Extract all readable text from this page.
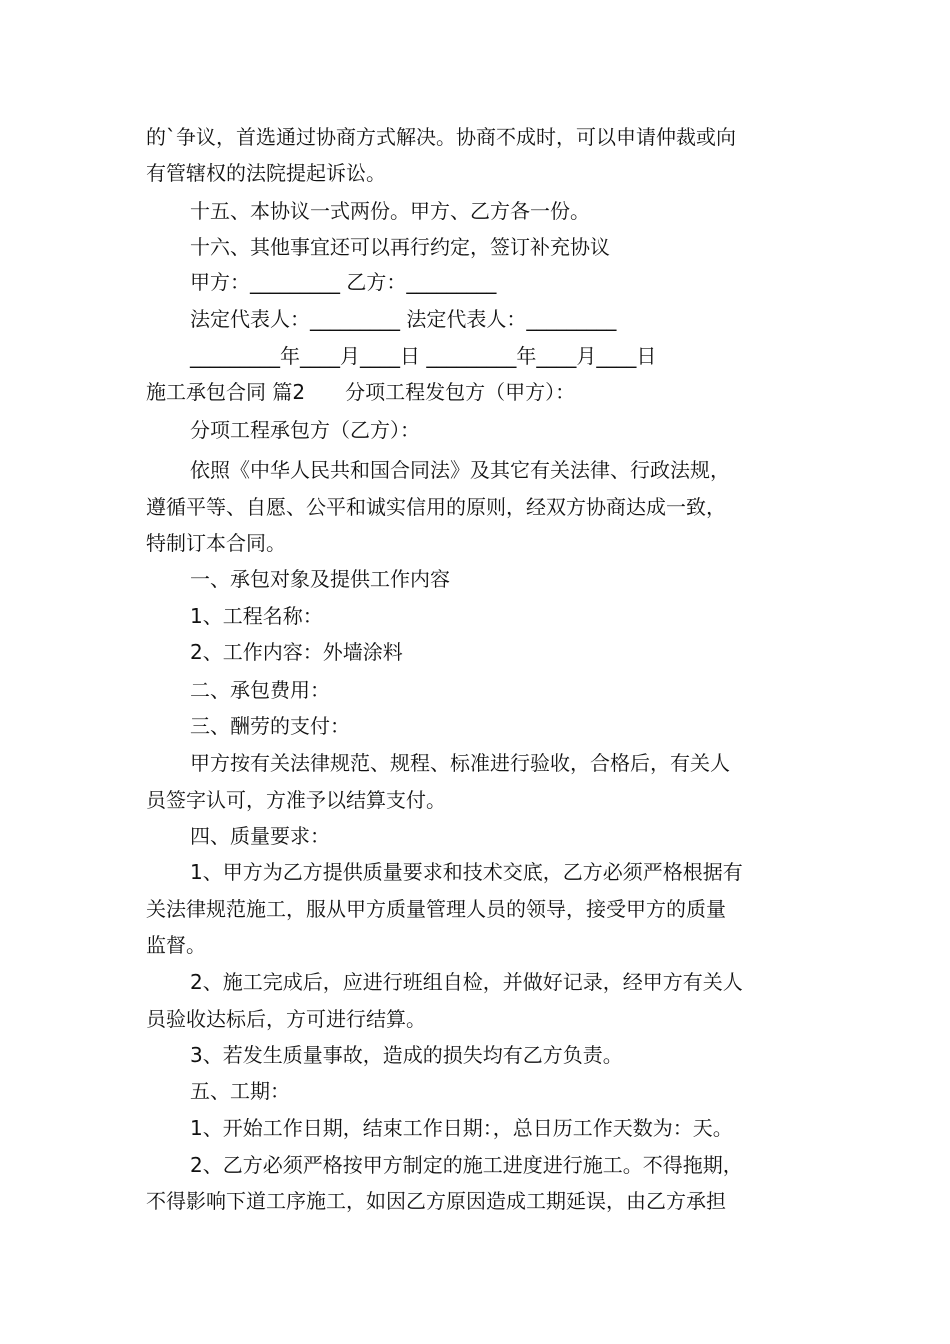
的`争议，首选通过协商方式解决。协商不成时，可以申请仲裁或向
有管辖权的法院提起诉讼。
十五、本协议一式两份。甲方、乙方各一份。
十六、其他事宜还可以再行约定，签订补充协议
甲方：_________ 乙方：_________
法定代表人：_________ 法定代表人：_________
_________年____月____日 _________年____月____日
施工承包合同 篇2　　分项工程发包方（甲方）：
分项工程承包方（乙方）：
依照《中华人民共和国合同法》及其它有关法律、行政法规，
遵循平等、自愿、公平和诚实信用的原则，经双方协商达成一致，
特制订本合同。
一、承包对象及提供工作内容
1、工程名称：
2、工作内容：外墙涂料
二、承包费用：
三、酬劳的支付：
甲方按有关法律规范、规程、标准进行验收，合格后，有关人
员签字认可，方准予以结算支付。
四、质量要求：
1、甲方为乙方提供质量要求和技术交底，乙方必须严格根据有
关法律规范施工，服从甲方质量管理人员的领导，接受甲方的质量
监督。
2、施工完成后，应进行班组自检，并做好记录，经甲方有关人
员验收达标后，方可进行结算。
3、若发生质量事故，造成的损失均有乙方负责。
五、工期：
1、开始工作日期，结束工作日期：，总日历工作天数为：天。
2、乙方必须严格按甲方制定的施工进度进行施工。不得拖期，
不得影响下道工序施工，如因乙方原因造成工期延误，由乙方承担
